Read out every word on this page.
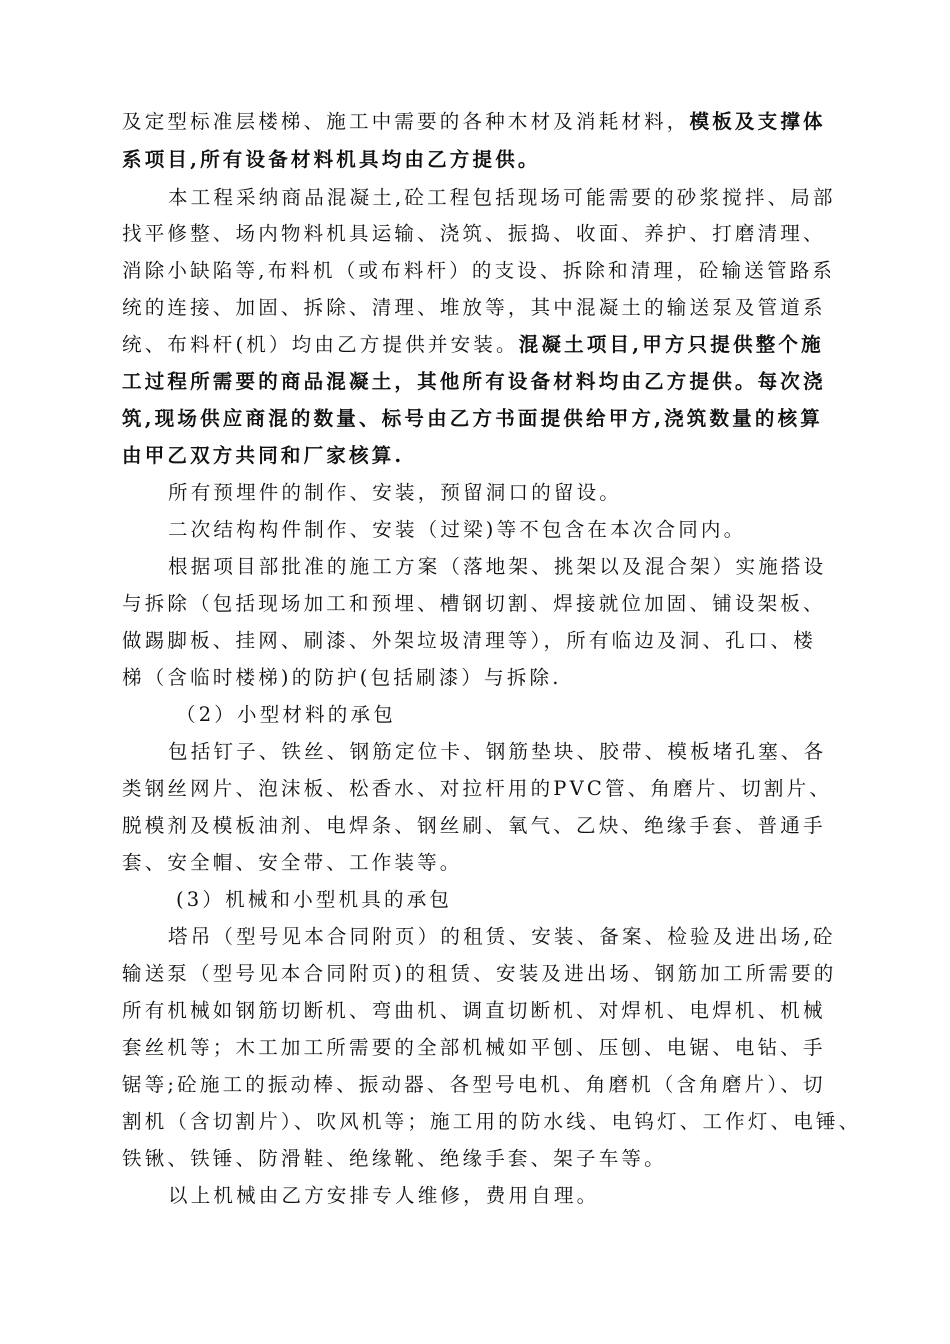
及定型标准层楼梯、施工中需要的各种木材及消耗材料，模板及支撑体
系项目,所有设备材料机具均由乙方提供。
本工程采纳商品混凝土,砼工程包括现场可能需要的砂浆搅拌、局部
找平修整、场内物料机具运输、浇筑、振捣、收面、养护、打磨清理、
消除小缺陷等,布料机（或布料杆）的支设、拆除和清理，砼输送管路系
统的连接、加固、拆除、清理、堆放等，其中混凝土的输送泵及管道系
统、布料杆(机）均由乙方提供并安装。混凝土项目,甲方只提供整个施
工过程所需要的商品混凝土，其他所有设备材料均由乙方提供。每次浇
筑,现场供应商混的数量、标号由乙方书面提供给甲方,浇筑数量的核算
由甲乙双方共同和厂家核算.
所有预埋件的制作、安装，预留洞口的留设。
二次结构构件制作、安装（过梁)等不包含在本次合同内。
根据项目部批准的施工方案（落地架、挑架以及混合架）实施搭设
与拆除（包括现场加工和预埋、槽钢切割、焊接就位加固、铺设架板、
做踢脚板、挂网、刷漆、外架垃圾清理等），所有临边及洞、孔口、楼
梯（含临时楼梯)的防护(包括刷漆）与拆除.
（2）小型材料的承包
包括钉子、铁丝、钢筋定位卡、钢筋垫块、胶带、模板堵孔塞、各
类钢丝网片、泡沫板、松香水、对拉杆用的PVC管、角磨片、切割片、
脱模剂及模板油剂、电焊条、钢丝刷、氧气、乙炔、绝缘手套、普通手
套、安全帽、安全带、工作装等。
(3）机械和小型机具的承包
塔吊（型号见本合同附页）的租赁、安装、备案、检验及进出场,砼
输送泵（型号见本合同附页)的租赁、安装及进出场、钢筋加工所需要的
所有机械如钢筋切断机、弯曲机、调直切断机、对焊机、电焊机、机械
套丝机等；木工加工所需要的全部机械如平刨、压刨、电锯、电钻、手
锯等;砼施工的振动棒、振动器、各型号电机、角磨机（含角磨片）、切
割机（含切割片）、吹风机等；施工用的防水线、电钨灯、工作灯、电锤、
铁锹、铁锤、防滑鞋、绝缘靴、绝缘手套、架子车等。
以上机械由乙方安排专人维修，费用自理。
